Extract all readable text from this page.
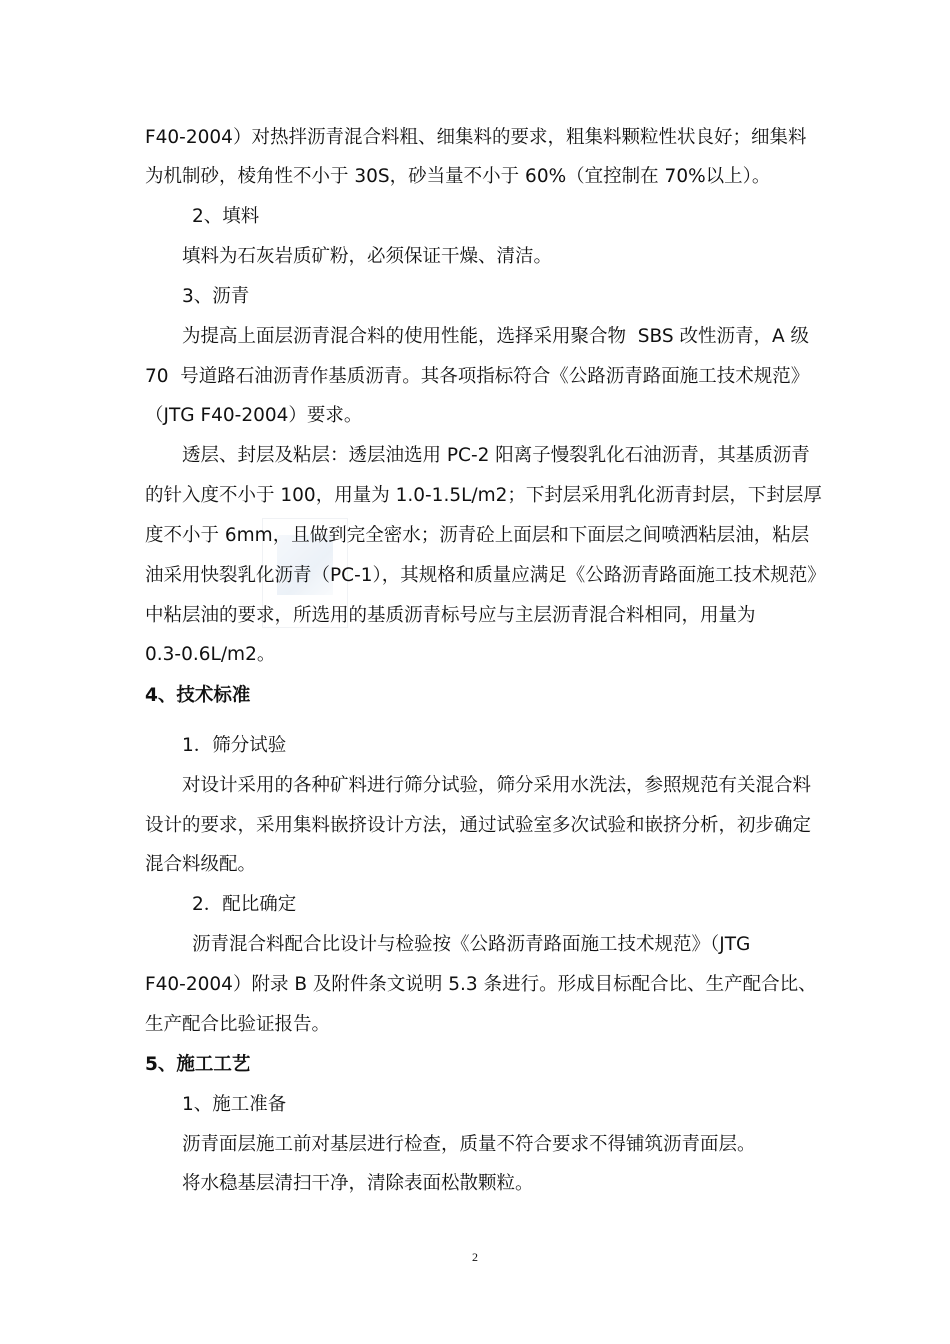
F40-2004）对热拌沥青混合料粗、细集料的要求，粗集料颗粒性状良好；细集料
为机制砂，棱角性不小于 30S，砂当量不小于 60%（宜控制在 70%以上）。
2、填料
填料为石灰岩质矿粉，必须保证干燥、清洁。
3、沥青
为提高上面层沥青混合料的使用性能，选择采用聚合物  SBS 改性沥青，A 级
70  号道路石油沥青作基质沥青。其各项指标符合《公路沥青路面施工技术规范》
（JTG F40-2004）要求。
透层、封层及粘层：透层油选用 PC-2 阳离子慢裂乳化石油沥青，其基质沥青
的针入度不小于 100，用量为 1.0-1.5L/m2；下封层采用乳化沥青封层，下封层厚
度不小于 6mm，且做到完全密水；沥青砼上面层和下面层之间喷洒粘层油，粘层
油采用快裂乳化沥青（PC-1），其规格和质量应满足《公路沥青路面施工技术规范》
中粘层油的要求，所选用的基质沥青标号应与主层沥青混合料相同，用量为
0.3-0.6L/m2。
4、技术标准
1．筛分试验
对设计采用的各种矿料进行筛分试验，筛分采用水洗法，参照规范有关混合料
设计的要求，采用集料嵌挤设计方法，通过试验室多次试验和嵌挤分析，初步确定
混合料级配。
2．配比确定
沥青混合料配合比设计与检验按《公路沥青路面施工技术规范》（JTG
F40-2004）附录 B 及附件条文说明 5.3 条进行。形成目标配合比、生产配合比、
生产配合比验证报告。
5、施工工艺
1、施工准备
沥青面层施工前对基层进行检查，质量不符合要求不得铺筑沥青面层。
将水稳基层清扫干净，清除表面松散颗粒。
2
